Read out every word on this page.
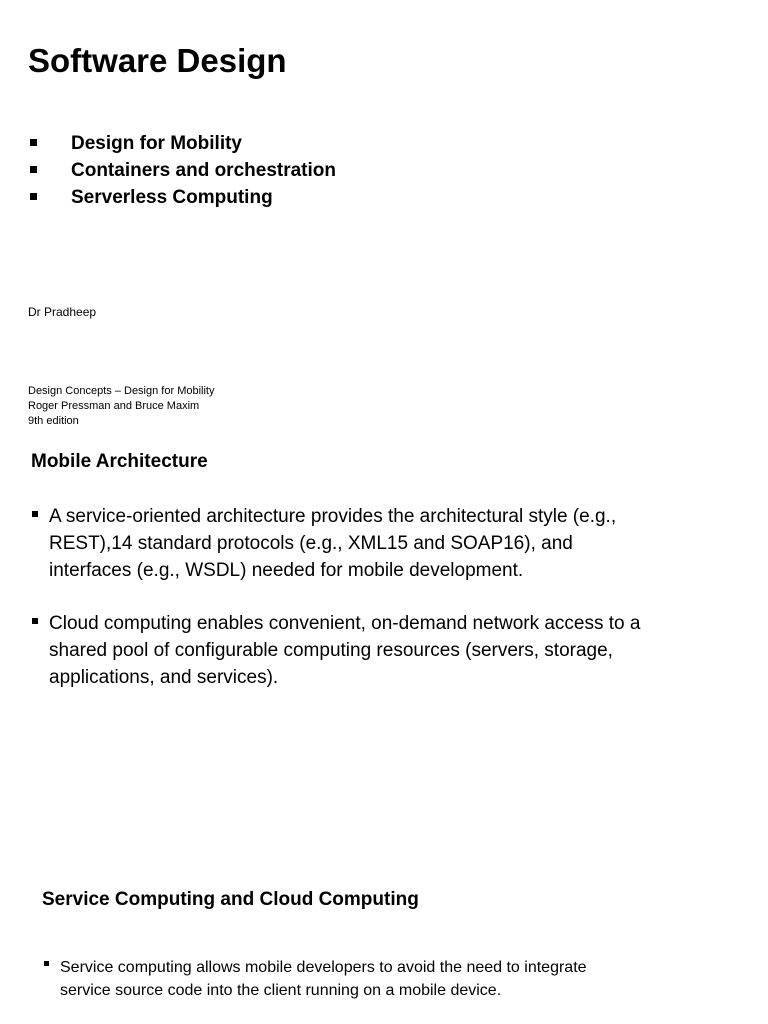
Software Design
Design for Mobility
Containers and orchestration
Serverless Computing
Dr Pradheep
Design Concepts – Design for Mobility
Roger Pressman and Bruce Maxim
9th edition
Mobile Architecture
A service-oriented architecture provides the architectural style (e.g.,
REST),14 standard protocols (e.g., XML15 and SOAP16), and
interfaces (e.g., WSDL) needed for mobile development.
Cloud computing enables convenient, on-demand network access to a
shared pool of configurable computing resources (servers, storage,
applications, and services).
Service Computing and Cloud Computing
Service computing allows mobile developers to avoid the need to integrate
service source code into the client running on a mobile device.
